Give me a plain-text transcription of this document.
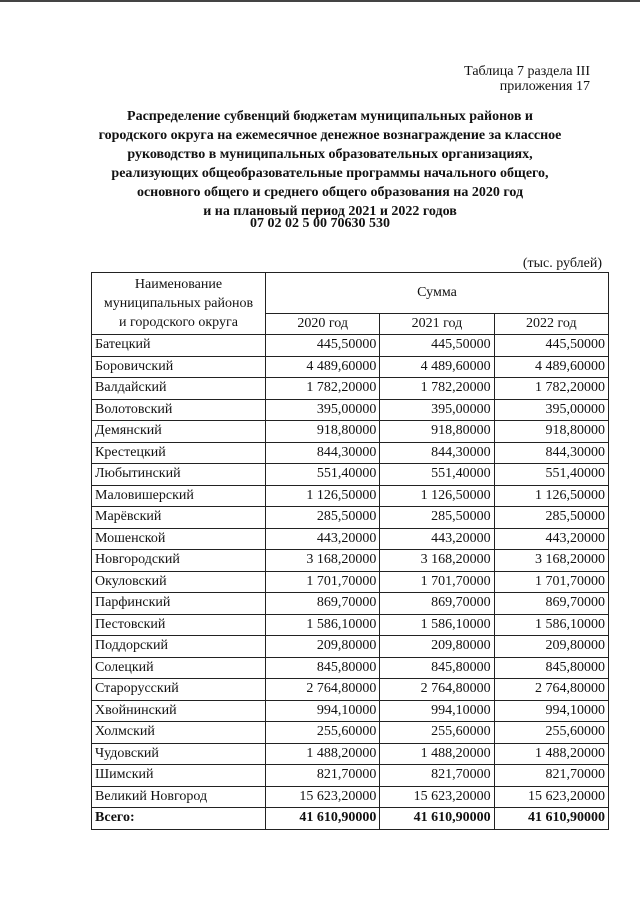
Таблица 7 раздела III
приложения 17
Распределение субвенций бюджетам муниципальных районов и
городского округа на ежемесячное денежное вознаграждение за классное
руководство в муниципальных образовательных организациях,
реализующих общеобразовательные программы начального общего,
основного общего и среднего общего образования на 2020 год
и на плановый период 2021 и 2022 годов
07 02 02 5 00 70630 530
(тыс. рублей)
Наименование
муниципальных районов
и городского округа	Сумма		
	2020 год	2021 год	2022 год
Батецкий	445,50000	445,50000	445,50000
Боровичский	4 489,60000	4 489,60000	4 489,60000
Валдайский	1 782,20000	1 782,20000	1 782,20000
Волотовский	395,00000	395,00000	395,00000
Демянский	918,80000	918,80000	918,80000
Крестецкий	844,30000	844,30000	844,30000
Любытинский	551,40000	551,40000	551,40000
Маловишерский	1 126,50000	1 126,50000	1 126,50000
Марёвский	285,50000	285,50000	285,50000
Мошенской	443,20000	443,20000	443,20000
Новгородский	3 168,20000	3 168,20000	3 168,20000
Окуловский	1 701,70000	1 701,70000	1 701,70000
Парфинский	869,70000	869,70000	869,70000
Пестовский	1 586,10000	1 586,10000	1 586,10000
Поддорский	209,80000	209,80000	209,80000
Солецкий	845,80000	845,80000	845,80000
Старорусский	2 764,80000	2 764,80000	2 764,80000
Хвойнинский	994,10000	994,10000	994,10000
Холмский	255,60000	255,60000	255,60000
Чудовский	1 488,20000	1 488,20000	1 488,20000
Шимский	821,70000	821,70000	821,70000
Великий Новгород	15 623,20000	15 623,20000	15 623,20000
Всего:	41 610,90000	41 610,90000	41 610,90000
